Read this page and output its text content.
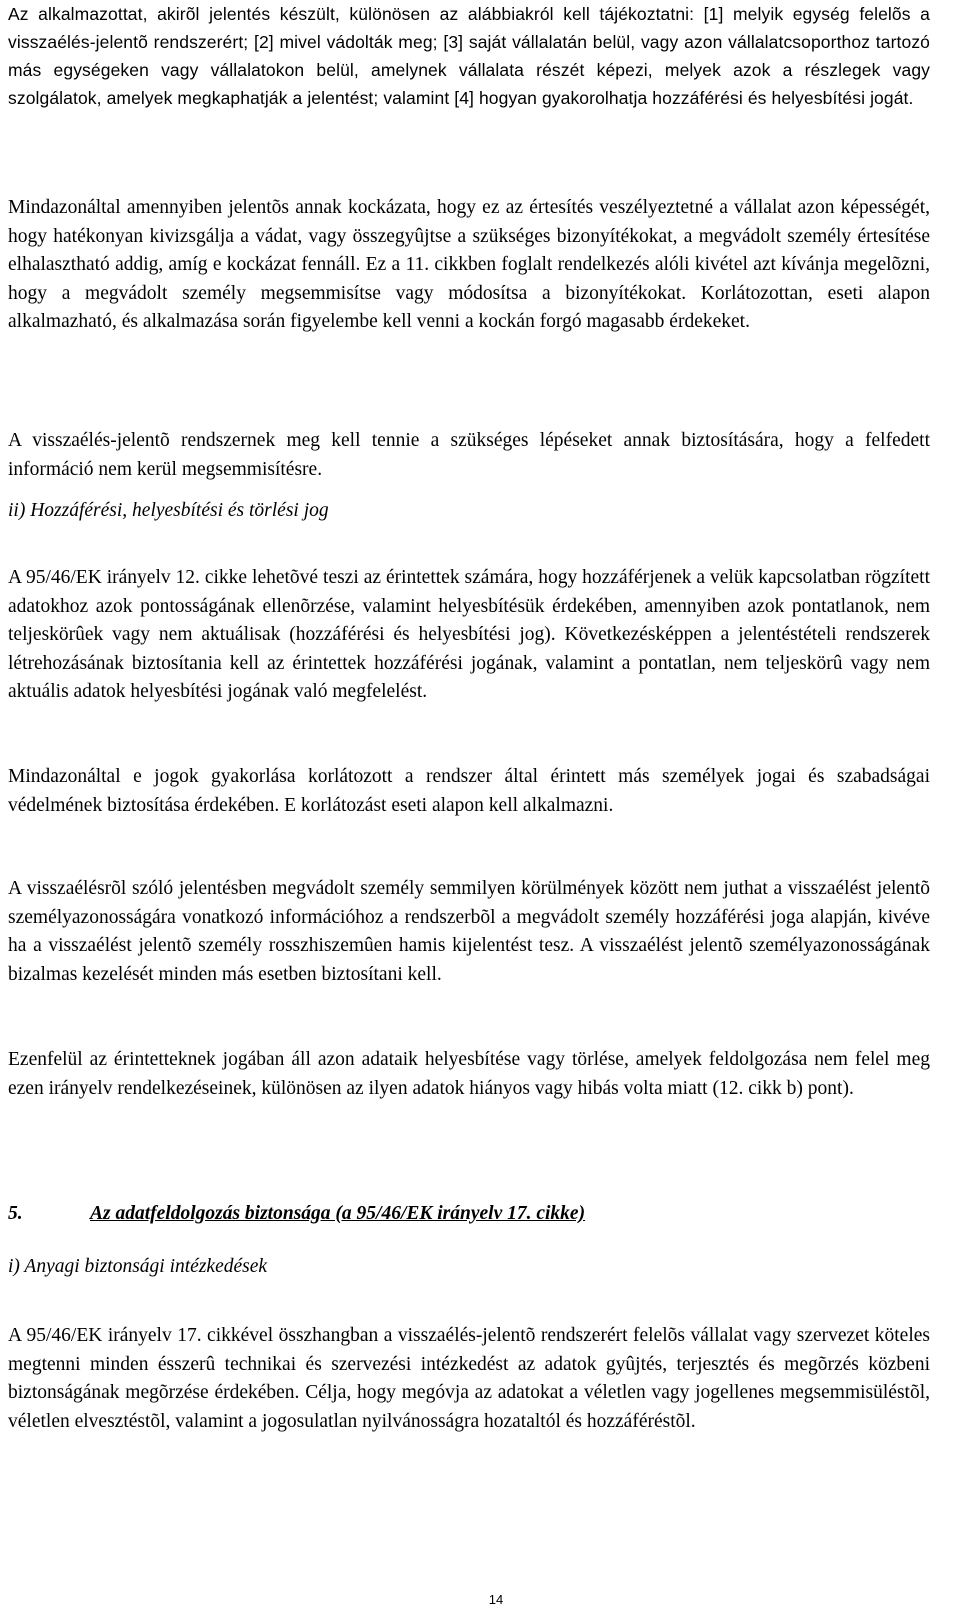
Az alkalmazottat, akirõl jelentés készült, különösen az alábbiakról kell tájékoztatni: [1] melyik egység felelõs a visszaélés-jelentõ rendszerért; [2] mivel vádolták meg; [3] saját vállalatán belül, vagy azon vállalatcsoporthoz tartozó más egységeken vagy vállalatokon belül, amelynek vállalata részét képezi, melyek azok a részlegek vagy szolgálatok, amelyek megkaphatják a jelentést; valamint [4] hogyan gyakorolhatja hozzáférési és helyesbítési jogát.

Mindazonáltal amennyiben jelentõs annak kockázata, hogy ez az értesítés veszélyeztetné a vállalat azon képességét, hogy hatékonyan kivizsgálja a vádat, vagy összegyûjtse a szükséges bizonyítékokat, a megvádolt személy értesítése elhalasztható addig, amíg e kockázat fennáll. Ez a 11. cikkben foglalt rendelkezés alóli kivétel azt kívánja megelõzni, hogy a megvádolt személy megsemmisítse vagy módosítsa a bizonyítékokat. Korlátozottan, eseti alapon alkalmazható, és alkalmazása során figyelembe kell venni a kockán forgó magasabb érdekeket.

A visszaélés-jelentõ rendszernek meg kell tennie a szükséges lépéseket annak biztosítására, hogy a felfedett információ nem kerül megsemmisítésre.

ii) Hozzáférési, helyesbítési és törlési jog

A 95/46/EK irányelv 12. cikke lehetõvé teszi az érintettek számára, hogy hozzáférjenek a velük kapcsolatban rögzített adatokhoz azok pontosságának ellenõrzése, valamint helyesbítésük érdekében, amennyiben azok pontatlanok, nem teljeskörûek vagy nem aktuálisak (hozzáférési és helyesbítési jog). Következésképpen a jelentéstételi rendszerek létrehozásának biztosítania kell az érintettek hozzáférési jogának, valamint a pontatlan, nem teljeskörû vagy nem aktuális adatok helyesbítési jogának való megfelelést.

Mindazonáltal e jogok gyakorlása korlátozott a rendszer által érintett más személyek jogai és szabadságai védelmének biztosítása érdekében. E korlátozást eseti alapon kell alkalmazni.

A visszaélésrõl szóló jelentésben megvádolt személy semmilyen körülmények között nem juthat a visszaélést jelentõ személyazonosságára vonatkozó információhoz a rendszerbõl a megvádolt személy hozzáférési joga alapján, kivéve ha a visszaélést jelentõ személy rosszhiszemûen hamis kijelentést tesz. A visszaélést jelentõ személyazonosságának bizalmas kezelését minden más esetben biztosítani kell.

Ezenfelül az érintetteknek jogában áll azon adataik helyesbítése vagy törlése, amelyek feldolgozása nem felel meg ezen irányelv rendelkezéseinek, különösen az ilyen adatok hiányos vagy hibás volta miatt (12. cikk b) pont).

5.	Az adatfeldolgozás biztonsága (a 95/46/EK irányelv 17. cikke)

i) Anyagi biztonsági intézkedések

A 95/46/EK irányelv 17. cikkével összhangban a visszaélés-jelentõ rendszerért felelõs vállalat vagy szervezet köteles megtenni minden ésszerû technikai és szervezési intézkedést az adatok gyûjtés, terjesztés és megõrzés közbeni biztonságának megõrzése érdekében. Célja, hogy megóvja az adatokat a véletlen vagy jogellenes megsemmisüléstõl, véletlen elvesztéstõl, valamint a jogosulatlan nyilvánosságra hozataltól és hozzáféréstõl.

14
